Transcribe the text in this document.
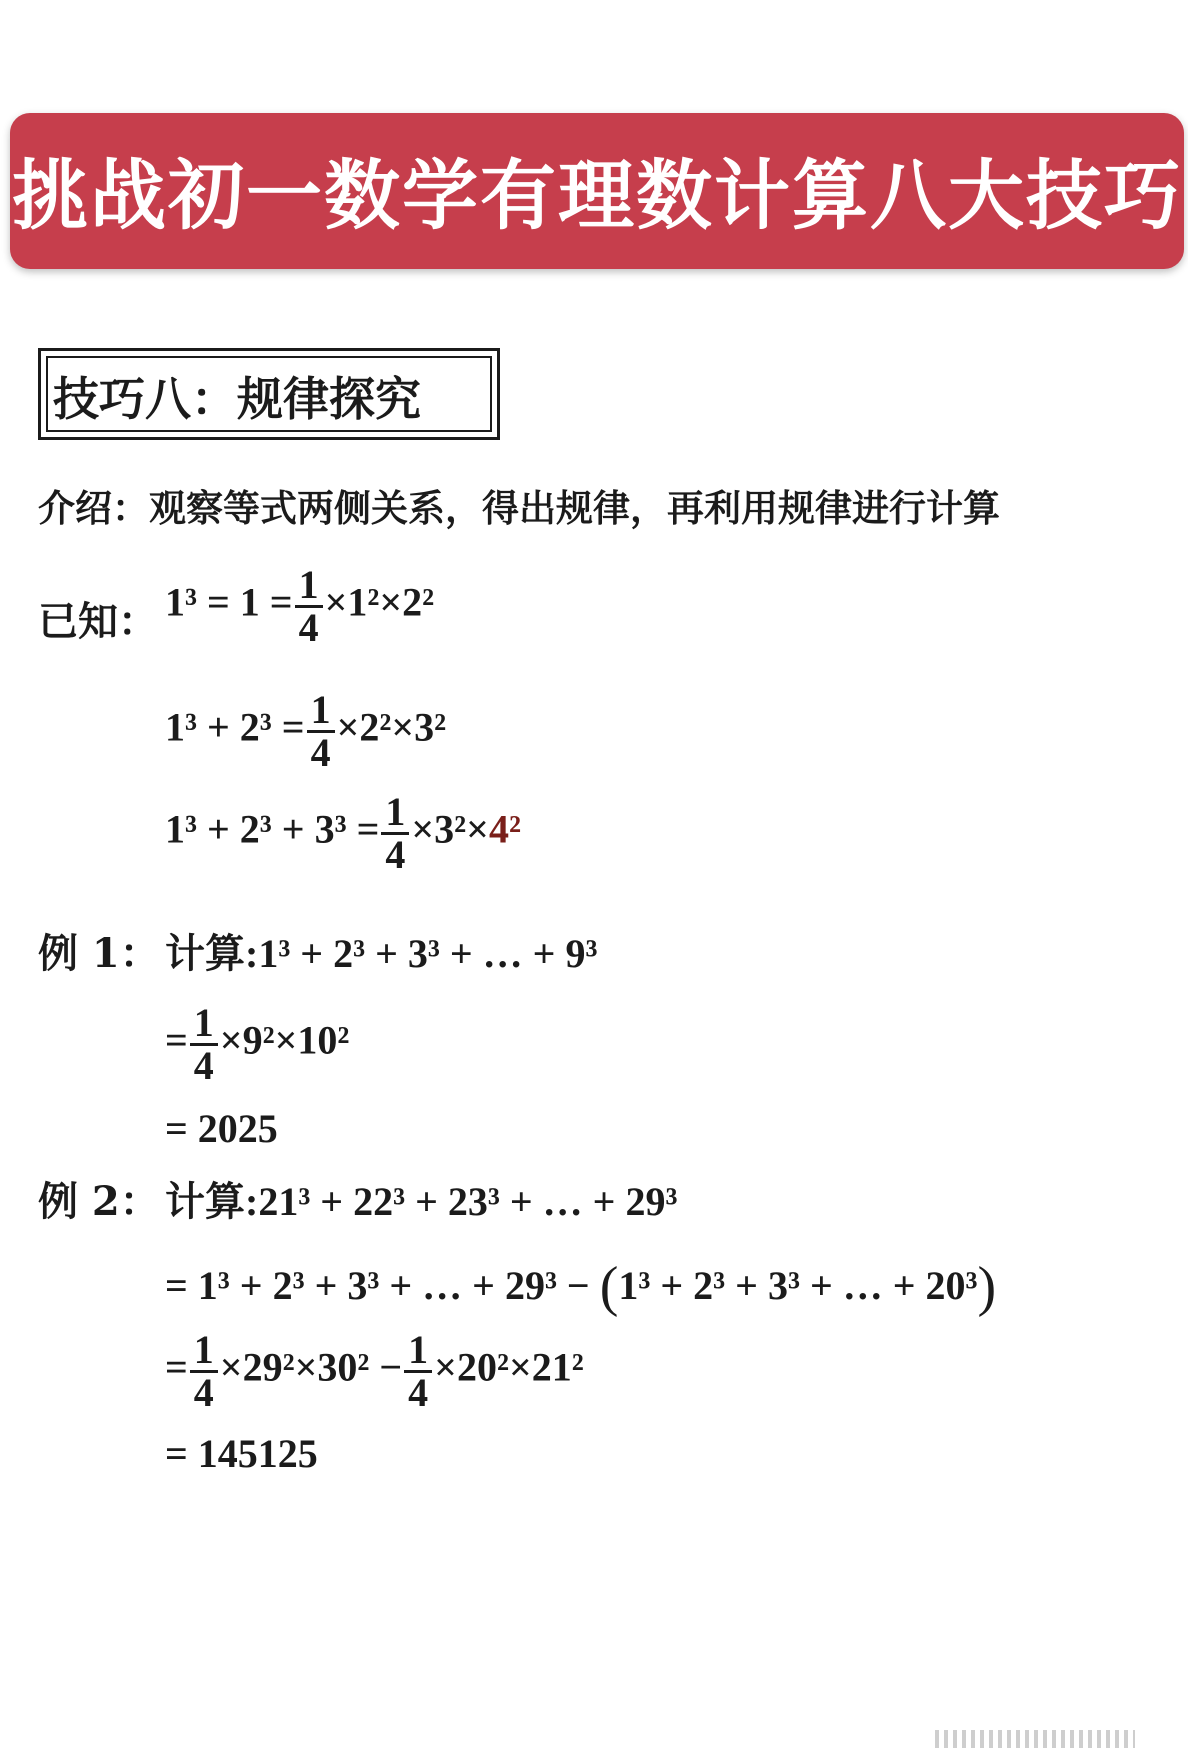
挑战初一数学有理数计算八大技巧
技巧八：规律探究
介绍：观察等式两侧关系，得出规律，再利用规律进行计算
已知： $1^3 = 1 = \frac{1}{4} \times 1^2\times 2^2$
$1^3 + 2^3 = \frac{1}{4} \times 2^2\times 3^2$
$1^3 + 2^3 + 3^3 = \frac{1}{4} \times 3^2\times 4^2$
例 1： 计算:1³ + 2³ + 3³ + … + 9³
= $\frac{1}{4} \times 9^2\times 10^2$
= 2025
例 2： 计算:21³ + 22³ + 23³ + … + 29³
= 1³ + 2³ + 3³ + … + 29³ − (1³ + 2³ + 3³ + … + 20³)
= $\frac{1}{4} \times 29^2\times 30^2 - \frac{1}{4} \times 20^2\times 21^2$
= 145125
